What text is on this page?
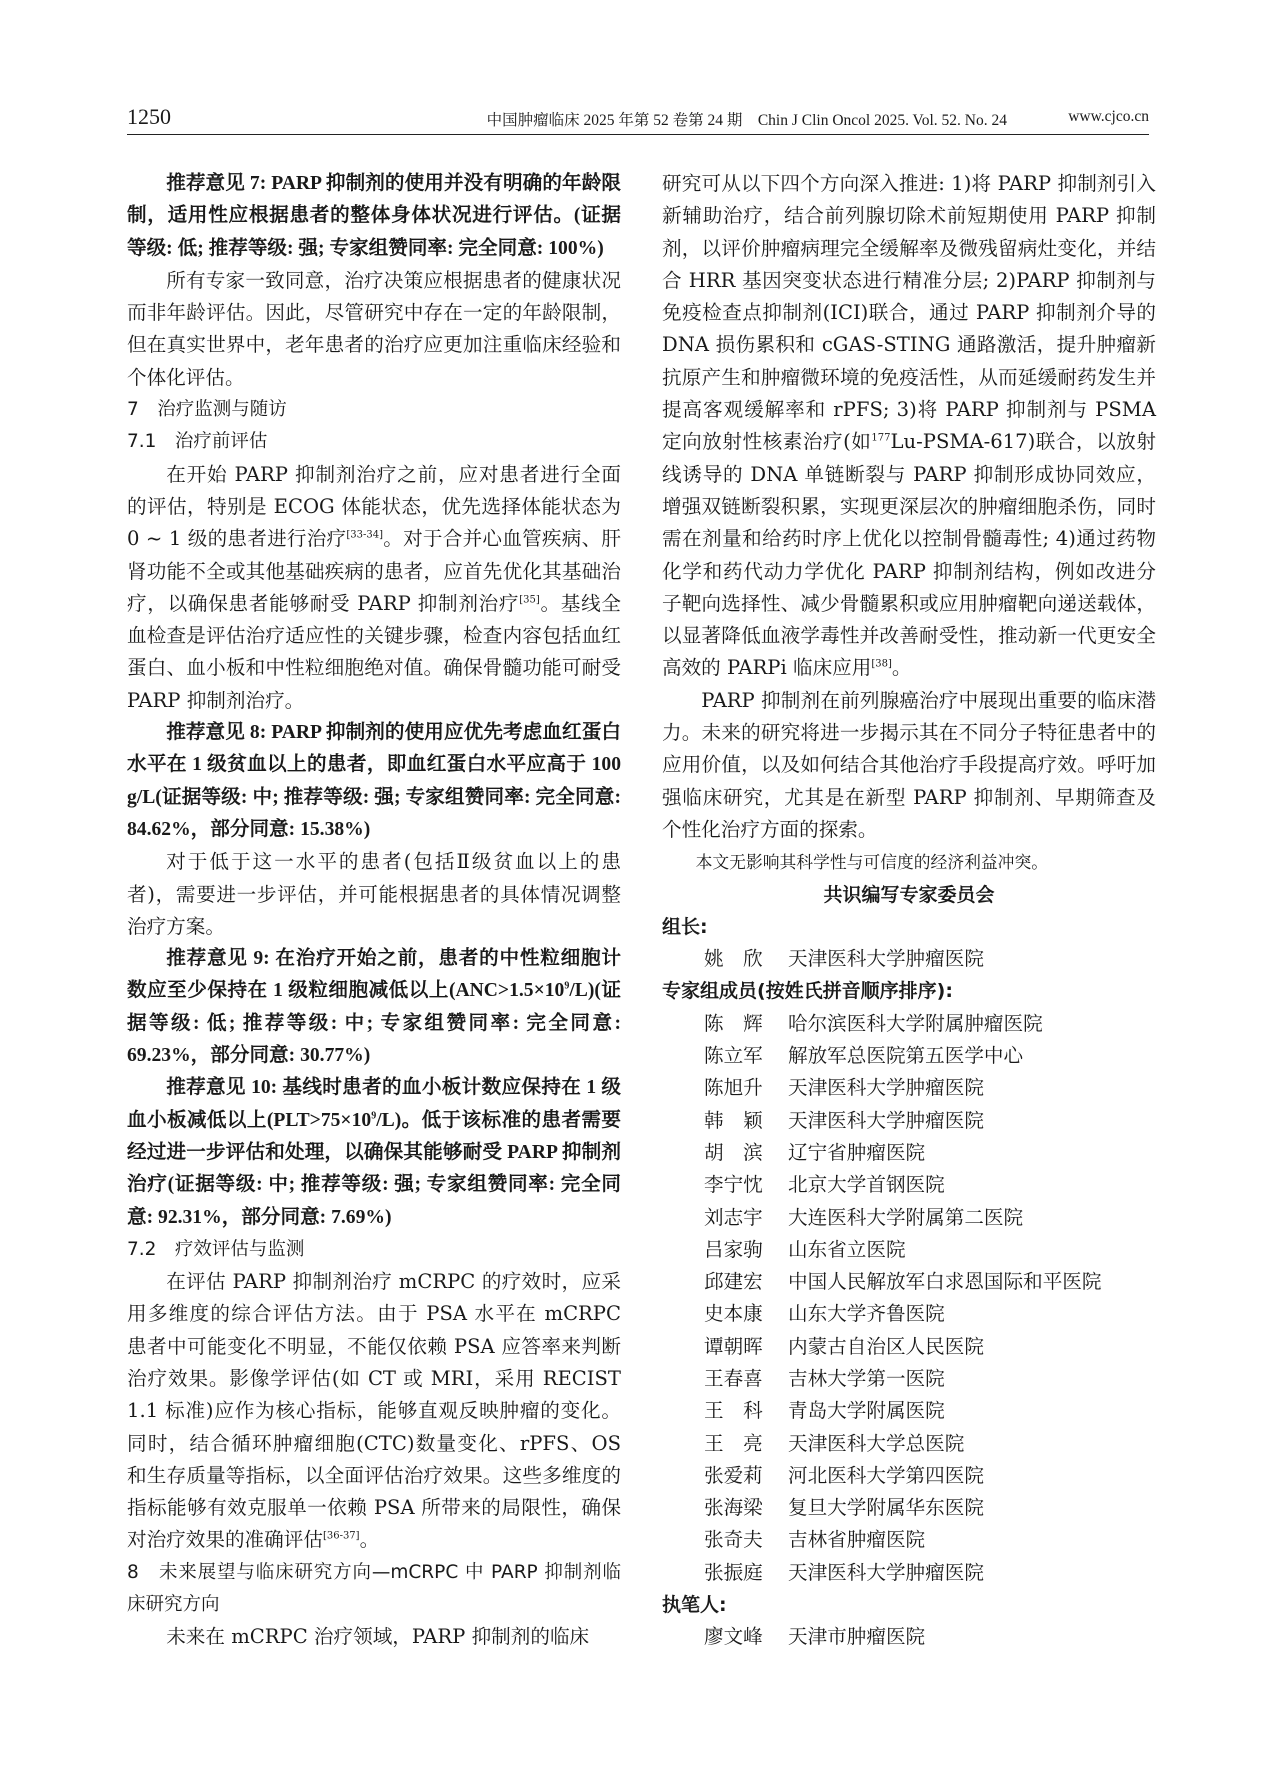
1250	中国肿瘤临床 2025 年第 52 卷第 24 期　Chin J Clin Oncol 2025. Vol. 52. No. 24	www.cjco.cn

推荐意见 7: PARP 抑制剂的使用并没有明确的年龄限制，适用性应根据患者的整体身体状况进行评估。(证据等级: 低; 推荐等级: 强; 专家组赞同率: 完全同意: 100%)

所有专家一致同意，治疗决策应根据患者的健康状况而非年龄评估。因此，尽管研究中存在一定的年龄限制，但在真实世界中，老年患者的治疗应更加注重临床经验和个体化评估。

7　治疗监测与随访

7.1　治疗前评估

在开始 PARP 抑制剂治疗之前，应对患者进行全面的评估，特别是 ECOG 体能状态，优先选择体能状态为 0 ~ 1 级的患者进行治疗[33-34]。对于合并心血管疾病、肝肾功能不全或其他基础疾病的患者，应首先优化其基础治疗，以确保患者能够耐受 PARP 抑制剂治疗[35]。基线全血检查是评估治疗适应性的关键步骤，检查内容包括血红蛋白、血小板和中性粒细胞绝对值。确保骨髓功能可耐受 PARP 抑制剂治疗。

推荐意见 8: PARP 抑制剂的使用应优先考虑血红蛋白水平在 1 级贫血以上的患者，即血红蛋白水平应高于 100 g/L(证据等级: 中; 推荐等级: 强; 专家组赞同率: 完全同意: 84.62%，部分同意: 15.38%)

对于低于这一水平的患者(包括Ⅱ级贫血以上的患者)，需要进一步评估，并可能根据患者的具体情况调整治疗方案。

推荐意见 9: 在治疗开始之前，患者的中性粒细胞计数应至少保持在 1 级粒细胞减低以上$(ANC>1.5\times 10^9/L)$(证据等级: 低; 推荐等级: 中; 专家组赞同率: 完全同意: 69.23%，部分同意: 30.77%)

推荐意见 10: 基线时患者的血小板计数应保持在 1 级血小板减低以上$(PLT>75\times 10^9/L)$。低于该标准的患者需要经过进一步评估和处理，以确保其能够耐受 PARP 抑制剂治疗(证据等级: 中; 推荐等级: 强; 专家组赞同率: 完全同意: 92.31%，部分同意: 7.69%)

7.2　疗效评估与监测

在评估 PARP 抑制剂治疗 mCRPC 的疗效时，应采用多维度的综合评估方法。由于 PSA 水平在 mCRPC 患者中可能变化不明显，不能仅依赖 PSA 应答率来判断治疗效果。影像学评估(如 CT 或 MRI，采用 RECIST 1.1 标准)应作为核心指标，能够直观反映肿瘤的变化。同时，结合循环肿瘤细胞(CTC)数量变化、rPFS、OS 和生存质量等指标，以全面评估治疗效果。这些多维度的指标能够有效克服单一依赖 PSA 所带来的局限性，确保对治疗效果的准确评估[36-37]。

8　未来展望与临床研究方向—mCRPC 中 PARP 抑制剂临床研究方向

未来在 mCRPC 治疗领域，PARP 抑制剂的临床

研究可从以下四个方向深入推进: 1)将 PARP 抑制剂引入新辅助治疗，结合前列腺切除术前短期使用 PARP 抑制剂，以评价肿瘤病理完全缓解率及微残留病灶变化，并结合 HRR 基因突变状态进行精准分层; 2)PARP 抑制剂与免疫检查点抑制剂(ICI)联合，通过 PARP 抑制剂介导的 DNA 损伤累积和 cGAS-STING 通路激活，提升肿瘤新抗原产生和肿瘤微环境的免疫活性，从而延缓耐药发生并提高客观缓解率和 rPFS; 3)将 PARP 抑制剂与 PSMA 定向放射性核素治疗(如$^{177}$Lu-PSMA-617)联合，以放射线诱导的 DNA 单链断裂与 PARP 抑制形成协同效应，增强双链断裂积累，实现更深层次的肿瘤细胞杀伤，同时需在剂量和给药时序上优化以控制骨髓毒性; 4)通过药物化学和药代动力学优化 PARP 抑制剂结构，例如改进分子靶向选择性、减少骨髓累积或应用肿瘤靶向递送载体，以显著降低血液学毒性并改善耐受性，推动新一代更安全高效的 PARPi 临床应用[38]。

PARP 抑制剂在前列腺癌治疗中展现出重要的临床潜力。未来的研究将进一步揭示其在不同分子特征患者中的应用价值，以及如何结合其他治疗手段提高疗效。呼吁加强临床研究，尤其是在新型 PARP 抑制剂、早期筛查及个性化治疗方面的探索。

本文无影响其科学性与可信度的经济利益冲突。

共识编写专家委员会

组长:

姚　欣	天津医科大学肿瘤医院

专家组成员(按姓氏拼音顺序排序):

陈　辉	哈尔滨医科大学附属肿瘤医院
陈立军	解放军总医院第五医学中心
陈旭升	天津医科大学肿瘤医院
韩　颖	天津医科大学肿瘤医院
胡　滨	辽宁省肿瘤医院
李宁忱	北京大学首钢医院
刘志宇	大连医科大学附属第二医院
吕家驹	山东省立医院
邱建宏	中国人民解放军白求恩国际和平医院
史本康	山东大学齐鲁医院
谭朝晖	内蒙古自治区人民医院
王春喜	吉林大学第一医院
王　科	青岛大学附属医院
王　亮	天津医科大学总医院
张爱莉	河北医科大学第四医院
张海梁	复旦大学附属华东医院
张奇夫	吉林省肿瘤医院
张振庭	天津医科大学肿瘤医院

执笔人:

廖文峰	天津市肿瘤医院
